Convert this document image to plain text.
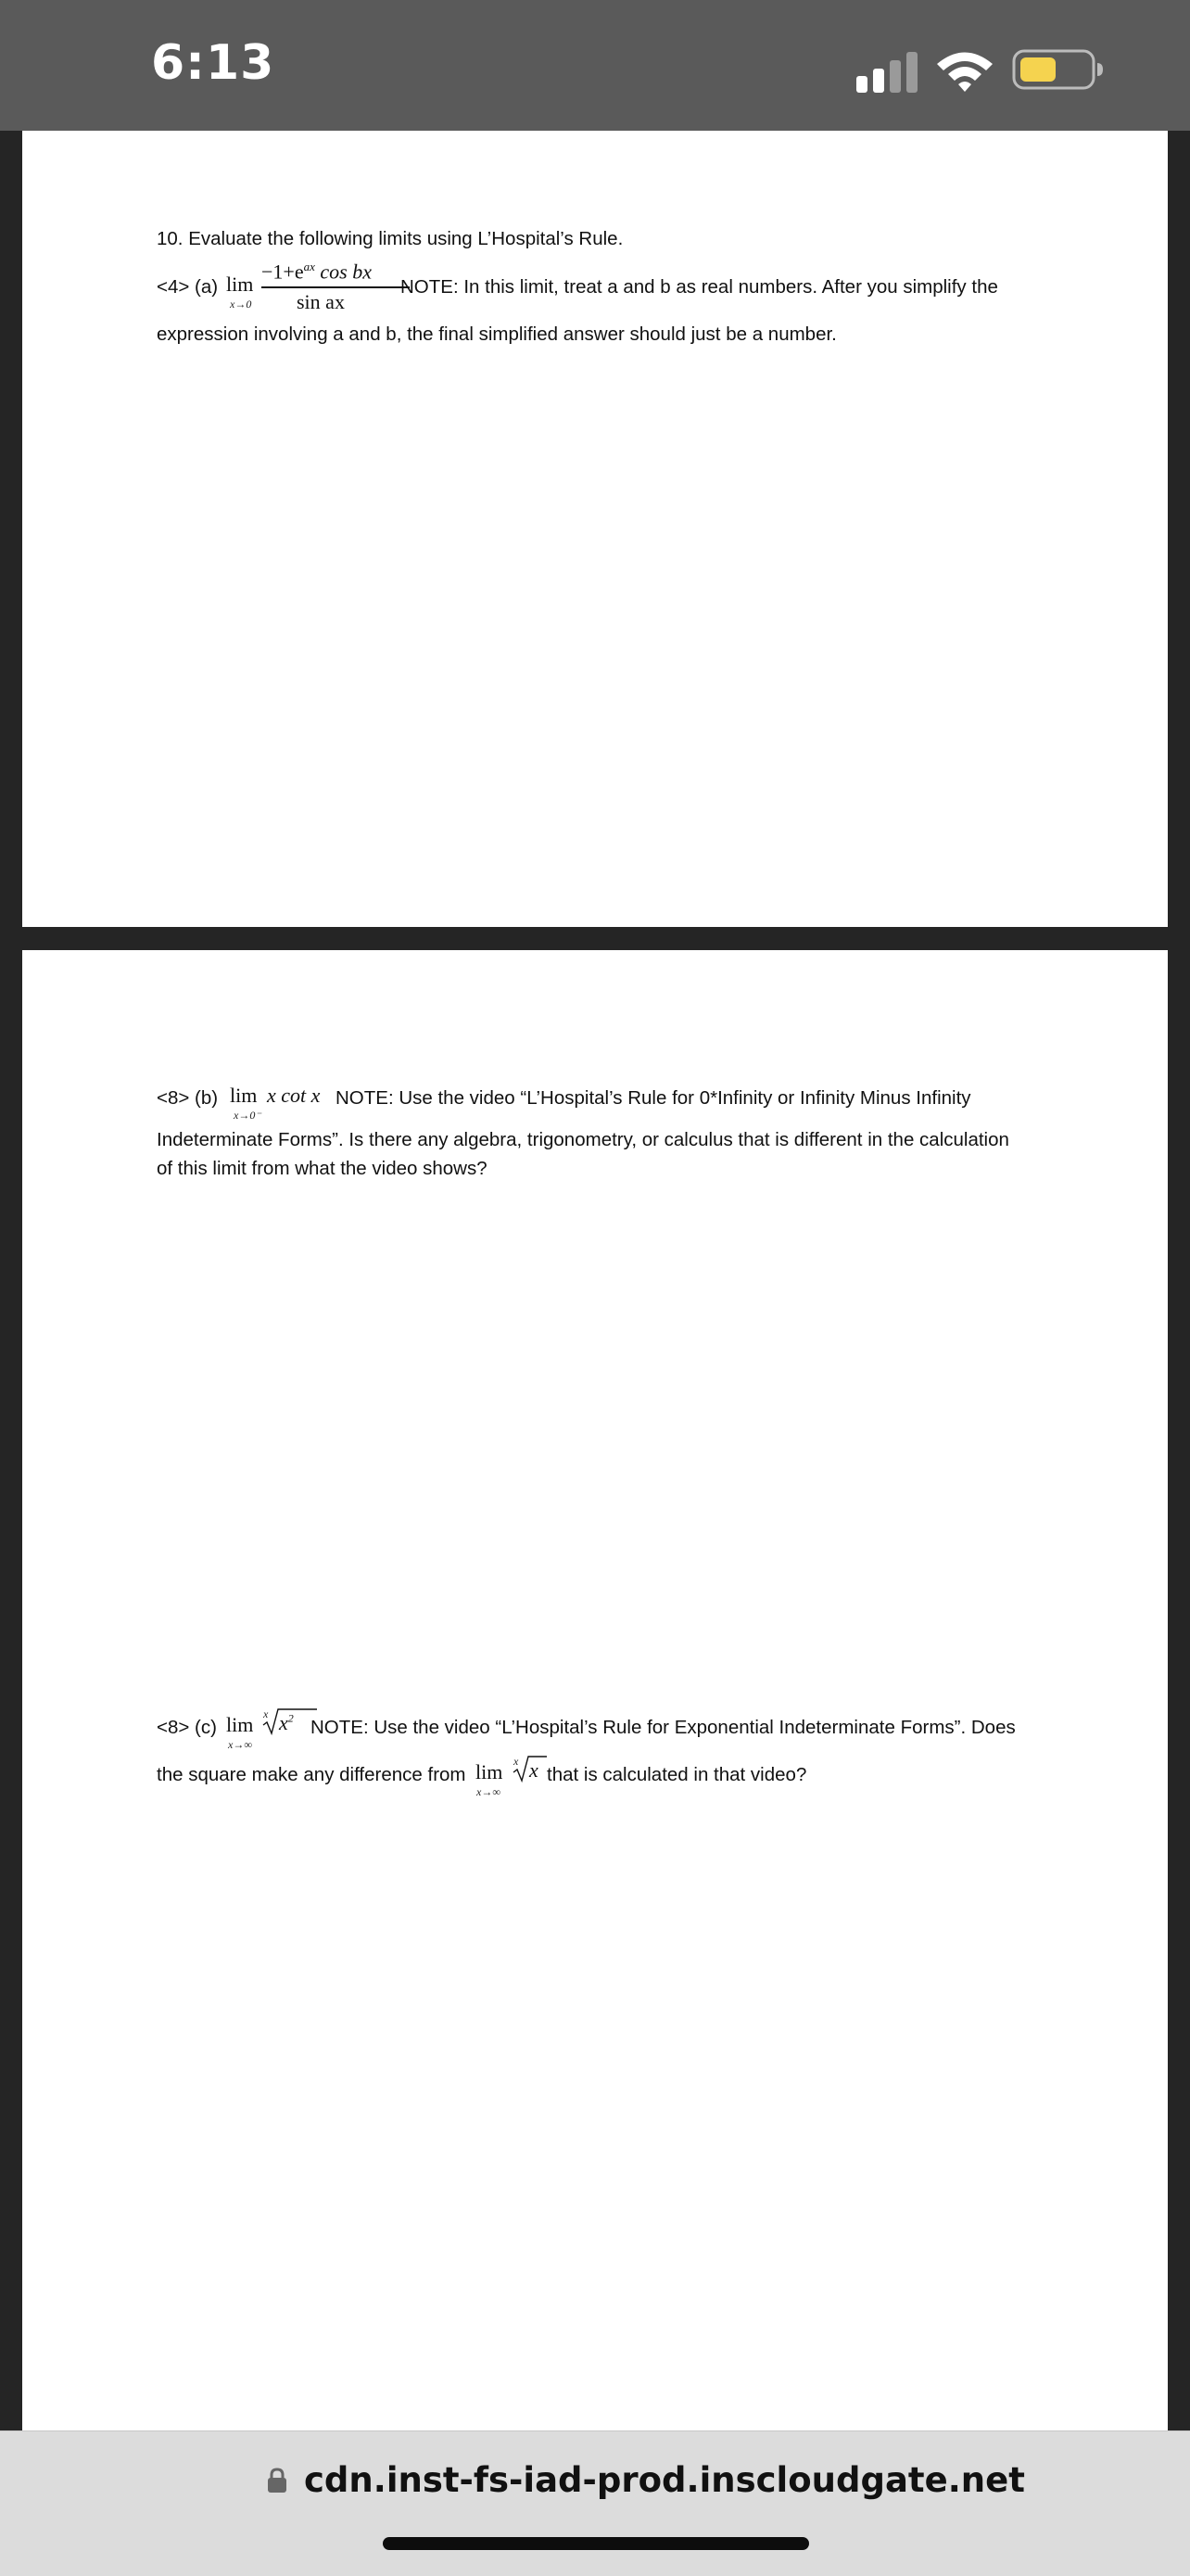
6:13
10. Evaluate the following limits using L’Hospital’s Rule.
<4> (a) lim
x→0
$-1+e^{ax}$ cos bx
sin ax
NOTE: In this limit, treat a and b as real numbers. After you simplify the
expression involving a and b, the final simplified answer should just be a number.
<8> (b) lim
x→0⁻
x cot x NOTE: Use the video “L’Hospital’s Rule for 0*Infinity or Infinity Minus Infinity
Indeterminate Forms”. Is there any algebra, trigonometry, or calculus that is different in the calculation
of this limit from what the video shows?
<8> (c) lim
x→∞
x $x^2$ NOTE: Use the video “L’Hospital’s Rule for Exponential Indeterminate Forms”. Does
the square make any difference from lim
x→∞
x x that is calculated in that video?
cdn.inst-fs-iad-prod.inscloudgate.net
